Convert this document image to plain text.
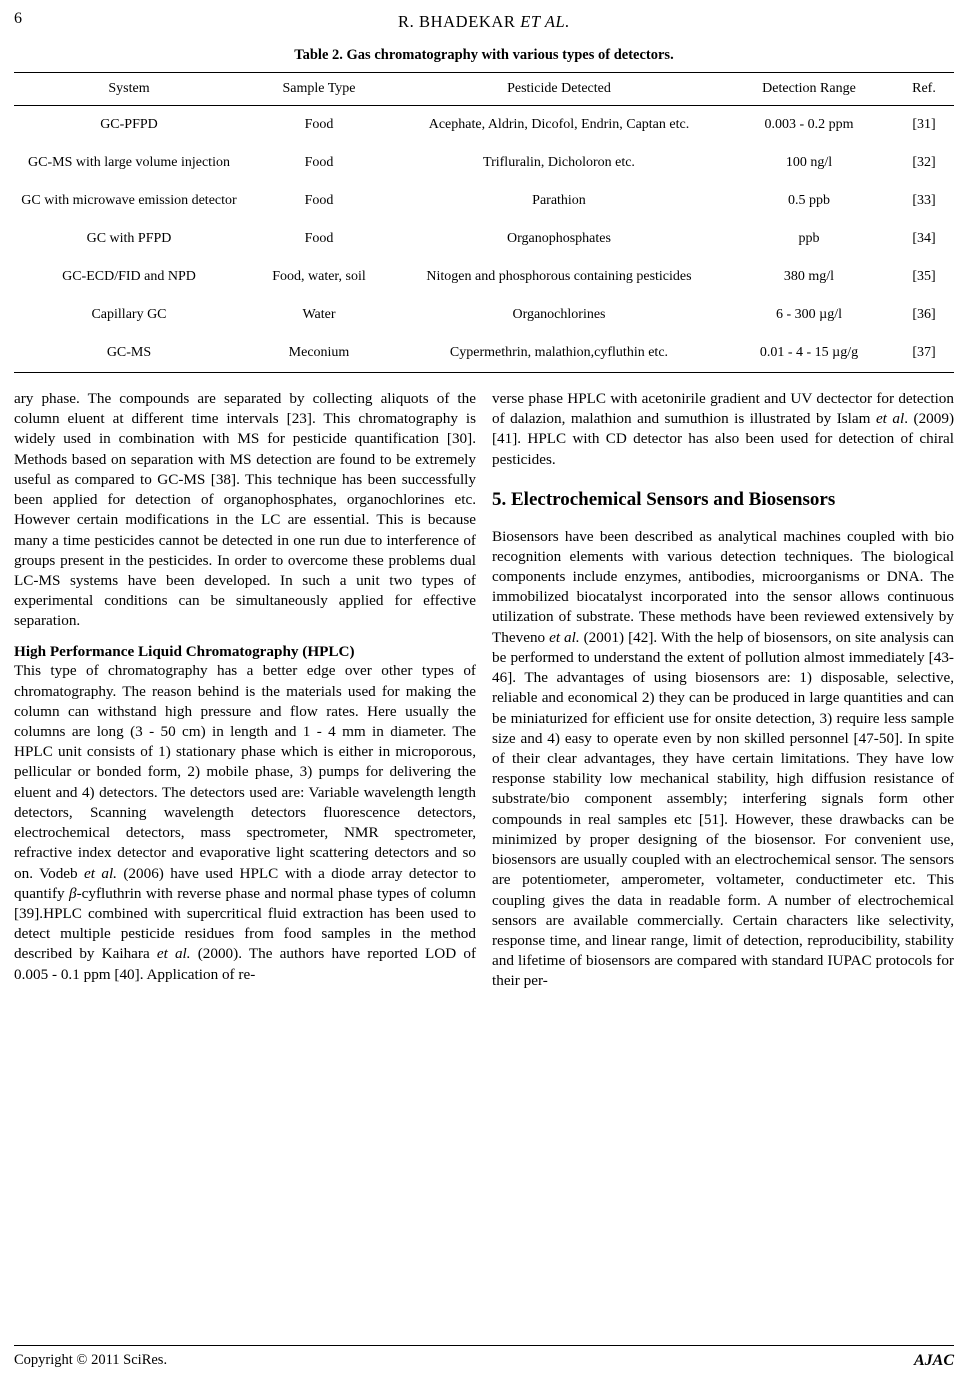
6	R. BHADEKAR ET AL.
Table 2. Gas chromatography with various types of detectors.
System	Sample Type	Pesticide Detected	Detection Range	Ref.
GC-PFPD	Food	Acephate, Aldrin, Dicofol, Endrin, Captan etc.	0.003 - 0.2 ppm	[31]
GC-MS with large volume injection	Food	Trifluralin, Dicholoron etc.	100 ng/l	[32]
GC with microwave emission detector	Food	Parathion	0.5 ppb	[33]
GC with PFPD	Food	Organophosphates	ppb	[34]
GC-ECD/FID and NPD	Food, water, soil	Nitogen and phosphorous containing pesticides	380 mg/l	[35]
Capillary GC	Water	Organochlorines	6 - 300 µg/l	[36]
GC-MS	Meconium	Cypermethrin, malathion,cyfluthin etc.	0.01 - 4 - 15 µg/g	[37]

ary phase. The compounds are separated by collecting aliquots of the column eluent at different time intervals [23]. This chromatography is widely used in combination with MS for pesticide quantification [30]. Methods based on separation with MS detection are found to be extremely useful as compared to GC-MS [38]. This technique has been successfully been applied for detection of organophosphates, organochlorines etc. However certain modifications in the LC are essential. This is because many a time pesticides cannot be detected in one run due to interference of groups present in the pesticides. In order to overcome these problems dual LC-MS systems have been developed. In such a unit two types of experimental conditions can be simultaneously applied for effective separation.

High Performance Liquid Chromatography (HPLC)

This type of chromatography has a better edge over other types of chromatography. The reason behind is the materials used for making the column can withstand high pressure and flow rates. Here usually the columns are long (3 - 50 cm) in length and 1 - 4 mm in diameter. The HPLC unit consists of 1) stationary phase which is either in microporous, pellicular or bonded form, 2) mobile phase, 3) pumps for delivering the eluent and 4) detectors. The detectors used are: Variable wavelength length detectors, Scanning wavelength detectors fluorescence detectors, electrochemical detectors, mass spectrometer, NMR spectrometer, refractive index detector and evaporative light scattering detectors and so on. Vodeb et al. (2006) have used HPLC with a diode array detector to quantify β-cyfluthrin with reverse phase and normal phase types of column [39].HPLC combined with supercritical fluid extraction has been used to detect multiple pesticide residues from food samples in the method described by Kaihara et al. (2000). The authors have reported LOD of 0.005 - 0.1 ppm [40]. Application of re-

verse phase HPLC with acetonirile gradient and UV dectector for detection of dalazion, malathion and sumuthion is illustrated by Islam et al. (2009) [41]. HPLC with CD detector has also been used for detection of chiral pesticides.

5. Electrochemical Sensors and Biosensors

Biosensors have been described as analytical machines coupled with bio recognition elements with various detection techniques. The biological components include enzymes, antibodies, microorganisms or DNA. The immobilized biocatalyst incorporated into the sensor allows continuous utilization of substrate. These methods have been reviewed extensively by Theveno et al. (2001) [42]. With the help of biosensors, on site analysis can be performed to understand the extent of pollution almost immediately [43-46]. The advantages of using biosensors are: 1) disposable, selective, reliable and economical 2) they can be produced in large quantities and can be miniaturized for efficient use for onsite detection, 3) require less sample size and 4) easy to operate even by non skilled personnel [47-50]. In spite of their clear advantages, they have certain limitations. They have low response stability low mechanical stability, high diffusion resistance of substrate/bio component assembly; interfering signals form other compounds in real samples etc [51]. However, these drawbacks can be minimized by proper designing of the biosensor. For convenient use, biosensors are usually coupled with an electrochemical sensor. The sensors are potentiometer, amperometer, voltameter, conductimeter etc. This coupling gives the data in readable form. A number of electrochemical sensors are available commercially. Certain characters like selectivity, response time, and linear range, limit of detection, reproducibility, stability and lifetime of biosensors are compared with standard IUPAC protocols for their per-

Copyright © 2011 SciRes.	AJAC
